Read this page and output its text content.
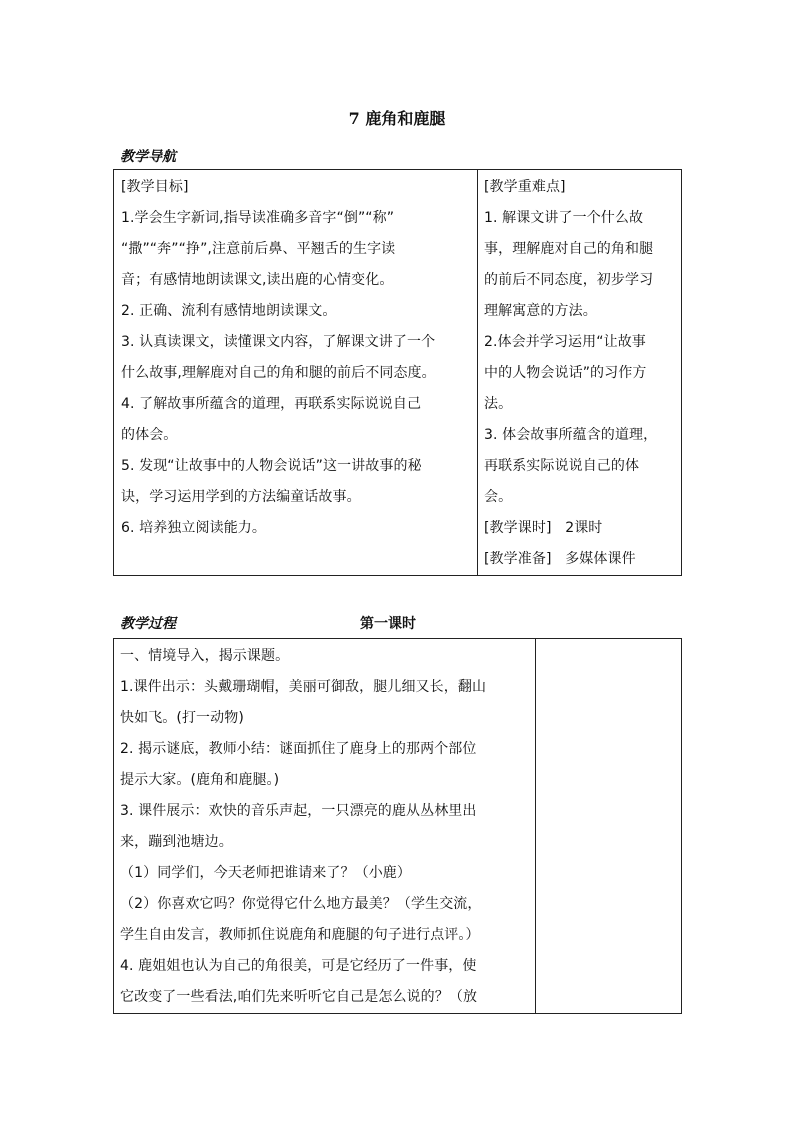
7 鹿角和鹿腿
教学导航
[教学目标]
1.学会生字新词,指导读准确多音字“倒”“称”
“撒”“奔”“挣”,注意前后鼻、平翘舌的生字读
音；有感情地朗读课文,读出鹿的心情变化。
2. 正确、流利有感情地朗读课文。
3. 认真读课文，读懂课文内容，了解课文讲了一个
什么故事,理解鹿对自己的角和腿的前后不同态度。
4. 了解故事所蕴含的道理，再联系实际说说自己
的体会。
5. 发现“让故事中的人物会说话”这一讲故事的秘
诀，学习运用学到的方法编童话故事。
6. 培养独立阅读能力。

[教学重难点]
1. 解课文讲了一个什么故
事，理解鹿对自己的角和腿
的前后不同态度，初步学习
理解寓意的方法。
2.体会并学习运用“让故事
中的人物会说话”的习作方
法。
3. 体会故事所蕴含的道理，
再联系实际说说自己的体
会。
[教学课时] 2课时
[教学准备] 多媒体课件
教学过程	第一课时
一、情境导入，揭示课题。
1.课件出示：头戴珊瑚帽，美丽可御敌，腿儿细又长，翻山
快如飞。(打一动物)
2. 揭示谜底，教师小结：谜面抓住了鹿身上的那两个部位
提示大家。(鹿角和鹿腿。)
3. 课件展示：欢快的音乐声起，一只漂亮的鹿从丛林里出
来，蹦到池塘边。
（1）同学们，今天老师把谁请来了？（小鹿）
（2）你喜欢它吗？你觉得它什么地方最美？（学生交流，
学生自由发言，教师抓住说鹿角和鹿腿的句子进行点评。）
4. 鹿姐姐也认为自己的角很美，可是它经历了一件事，使
它改变了一些看法,咱们先来听听它自己是怎么说的？（放
